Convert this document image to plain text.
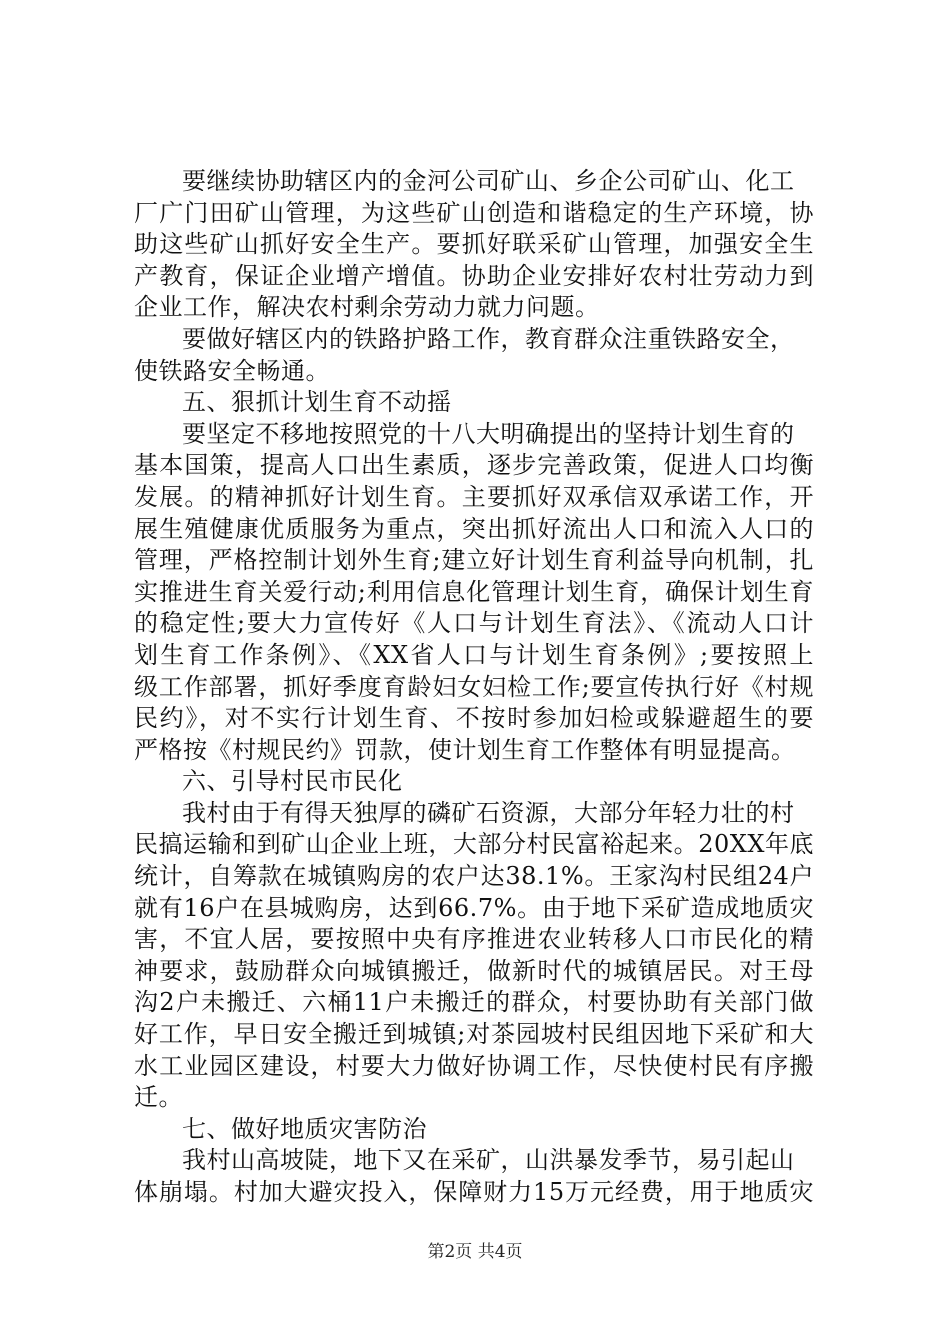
要继续协助辖区内的金河公司矿山、乡企公司矿山、化工
厂广门田矿山管理，为这些矿山创造和谐稳定的生产环境，协
助这些矿山抓好安全生产。要抓好联采矿山管理，加强安全生
产教育，保证企业增产增值。协助企业安排好农村壮劳动力到
企业工作，解决农村剩余劳动力就力问题。
要做好辖区内的铁路护路工作，教育群众注重铁路安全，
使铁路安全畅通。
五、狠抓计划生育不动摇
要坚定不移地按照党的十八大明确提出的坚持计划生育的
基本国策，提高人口出生素质，逐步完善政策，促进人口均衡
发展。的精神抓好计划生育。主要抓好双承信双承诺工作，开
展生殖健康优质服务为重点，突出抓好流出人口和流入人口的
管理，严格控制计划外生育;建立好计划生育利益导向机制，扎
实推进生育关爱行动;利用信息化管理计划生育，确保计划生育
的稳定性;要大力宣传好《人口与计划生育法》、《流动人口计
划生育工作条例》、《XX省人口与计划生育条例》;要按照上
级工作部署，抓好季度育龄妇女妇检工作;要宣传执行好《村规
民约》，对不实行计划生育、不按时参加妇检或躲避超生的要
严格按《村规民约》罚款，使计划生育工作整体有明显提高。
六、引导村民市民化
我村由于有得天独厚的磷矿石资源，大部分年轻力壮的村
民搞运输和到矿山企业上班，大部分村民富裕起来。20XX年底
统计，自筹款在城镇购房的农户达38.1%。王家沟村民组24户
就有16户在县城购房，达到66.7%。由于地下采矿造成地质灾
害，不宜人居，要按照中央有序推进农业转移人口市民化的精
神要求，鼓励群众向城镇搬迁，做新时代的城镇居民。对王母
沟2户未搬迁、六桶11户未搬迁的群众，村要协助有关部门做
好工作，早日安全搬迁到城镇;对茶园坡村民组因地下采矿和大
水工业园区建设，村要大力做好协调工作，尽快使村民有序搬
迁。
七、做好地质灾害防治
我村山高坡陡，地下又在采矿，山洪暴发季节，易引起山
体崩塌。村加大避灾投入，保障财力15万元经费，用于地质灾
第2页 共4页
